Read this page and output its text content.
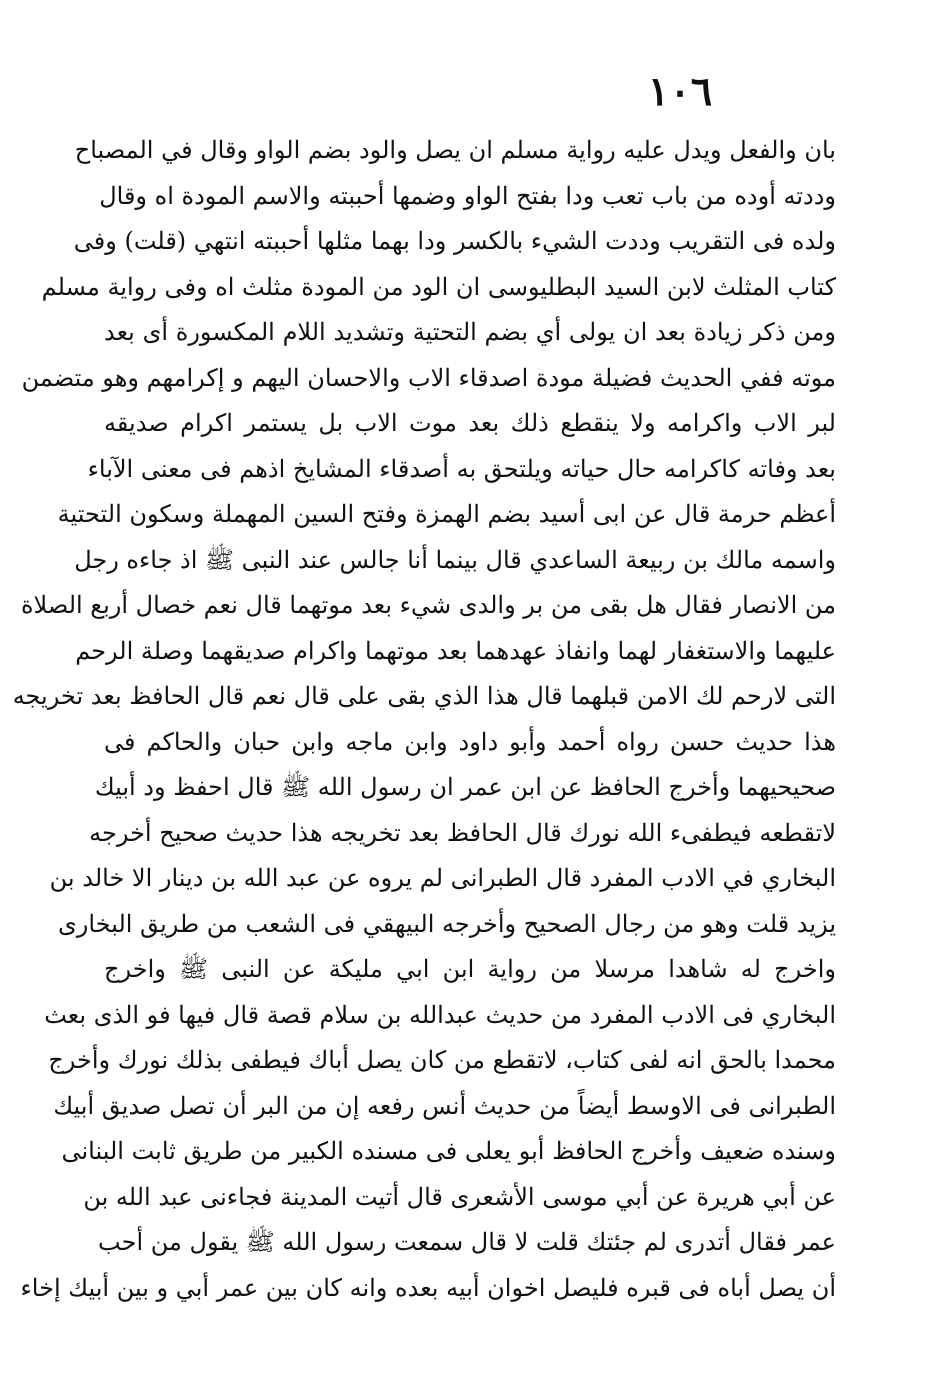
١٠٦
بان والفعل ويدل عليه رواية مسلم ان يصل والود بضم الواو وقال في المصباح
وددته أوده من باب تعب ودا بفتح الواو وضمها أحببته والاسم المودة اه وقال
ولده فى التقريب وددت الشيء بالكسر ودا بهما مثلها أحببته انتهي (قلت) وفى
كتاب المثلث لابن السيد البطليوسى ان الود من المودة مثلث اه وفى رواية مسلم
ومن ذكر زيادة بعد ان يولى أي بضم التحتية وتشديد اللام المكسورة أى بعد
موته ففي الحديث فضيلة مودة اصدقاء الاب والاحسان اليهم و إكرامهم وهو متضمن
لبر الاب واكرامه ولا ينقطع ذلك بعد موت الاب بل يستمر اكرام صديقه
بعد وفاته كاكرامه حال حياته ويلتحق به أصدقاء المشايخ اذهم فى معنى الآباء
أعظم حرمة قال عن ابى أسيد بضم الهمزة وفتح السين المهملة وسكون التحتية
واسمه مالك بن ربيعة الساعدي قال بينما أنا جالس عند النبى ﷺ اذ جاءه رجل
من الانصار فقال هل بقى من بر والدى شيء بعد موتهما قال نعم خصال أربع الصلاة
عليهما والاستغفار لهما وانفاذ عهدهما بعد موتهما واكرام صديقهما وصلة الرحم
التى لارحم لك الامن قبلهما قال هذا الذي بقى على قال نعم قال الحافظ بعد تخريجه
هذا حديث حسن رواه أحمد وأبو داود وابن ماجه وابن حبان والحاكم فى
صحيحيهما وأخرج الحافظ عن ابن عمر ان رسول الله ﷺ قال احفظ ود أبيك
لاتقطعه فيطفىء الله نورك قال الحافظ بعد تخريجه هذا حديث صحيح أخرجه
البخاري في الادب المفرد قال الطبرانى لم يروه عن عبد الله بن دينار الا خالد بن
يزيد قلت وهو من رجال الصحيح وأخرجه البيهقي فى الشعب من طريق البخارى
واخرج له شاهدا مرسلا من رواية ابن ابي مليكة عن النبى ﷺ واخرج
البخاري فى الادب المفرد من حديث عبدالله بن سلام قصة قال فيها فو الذى بعث
محمدا بالحق انه لفى كتاب، لاتقطع من كان يصل أباك فيطفى بذلك نورك وأخرج
الطبرانى فى الاوسط أيضاً من حديث أنس رفعه إن من البر أن تصل صديق أبيك
وسنده ضعيف وأخرج الحافظ أبو يعلى فى مسنده الكبير من طريق ثابت البنانى
عن أبي هريرة عن أبي موسى الأشعرى قال أتيت المدينة فجاءنى عبد الله بن
عمر فقال أتدرى لم جئتك قلت لا قال سمعت رسول الله ﷺ يقول من أحب
أن يصل أباه فى قبره فليصل اخوان أبيه بعده وانه كان بين عمر أبي و بين أبيك إخاء
